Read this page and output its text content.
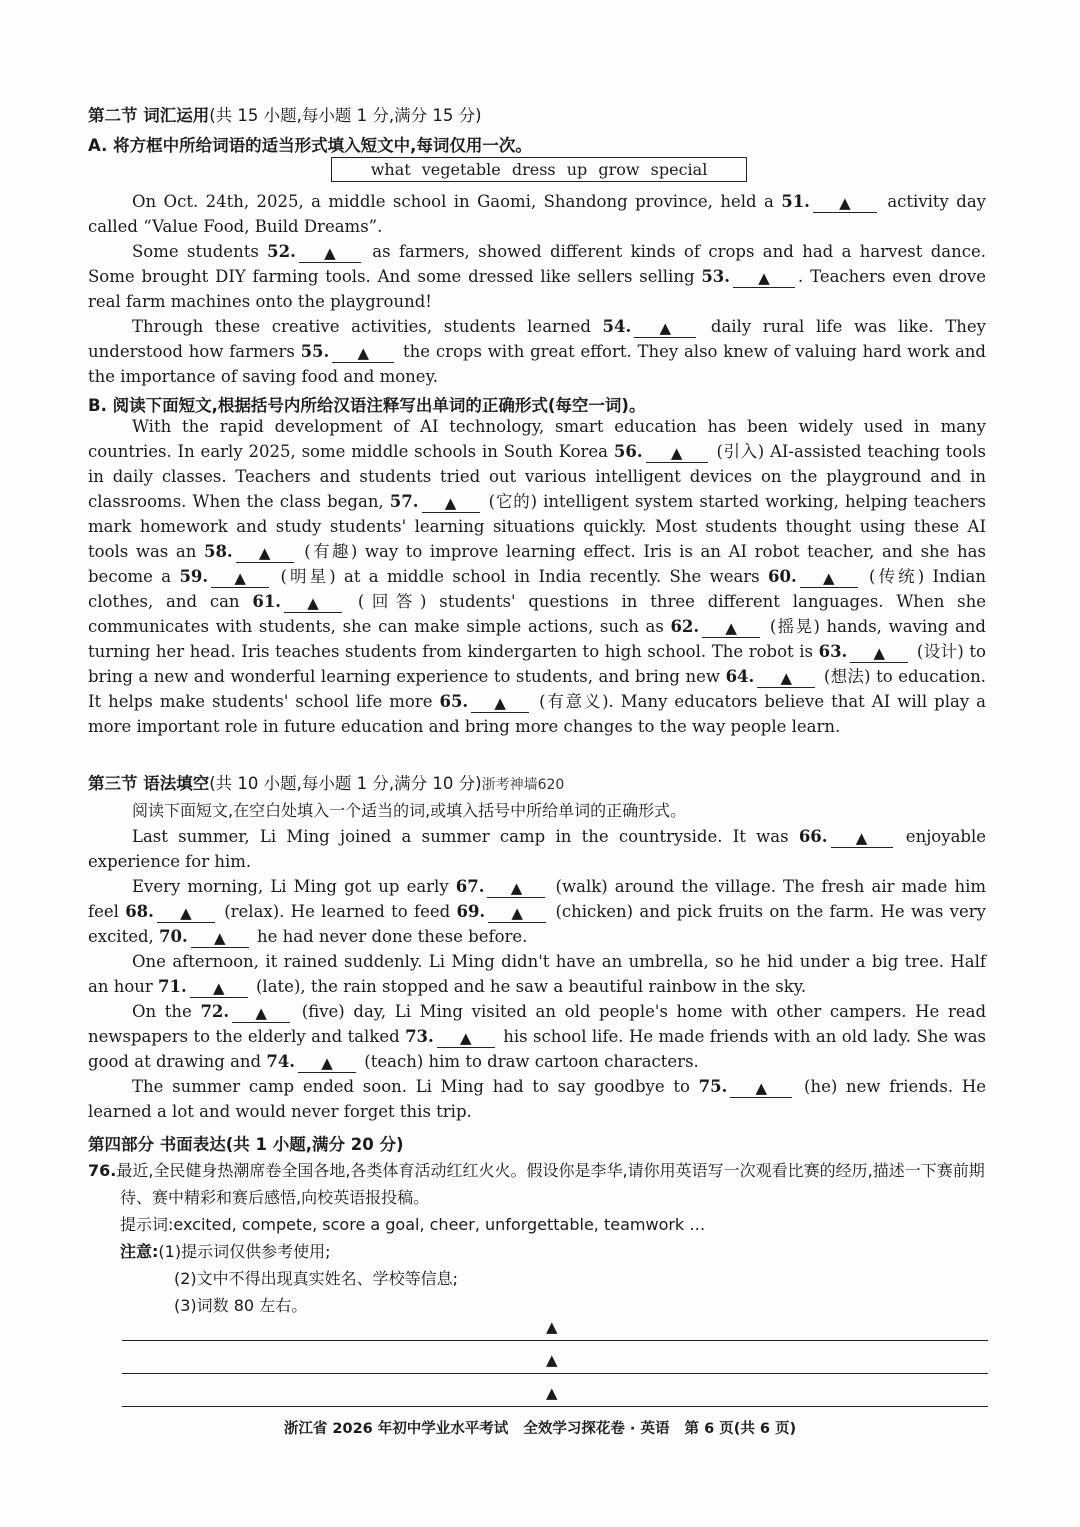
第二节 词汇运用(共 15 小题,每小题 1 分,满分 15 分)
A. 将方框中所给词语的适当形式填入短文中,每词仅用一次。
what vegetable dress up grow special
On Oct. 24th, 2025, a middle school in Gaomi, Shandong province, held a 51. ▲	activity day called “Value Food, Build Dreams”.
Some students 52. ▲	as farmers, showed different kinds of crops and had a harvest dance. Some brought DIY farming tools. And some dressed like sellers selling 53. ▲	. Teachers even drove real farm machines onto the playground!
Through these creative activities, students learned 54. ▲	daily rural life was like. They understood how farmers 55. ▲	the crops with great effort. They also knew of valuing hard work and the importance of saving food and money.
B. 阅读下面短文,根据括号内所给汉语注释写出单词的正确形式(每空一词)。
With the rapid development of AI technology, smart education has been widely used in many countries. In early 2025, some middle schools in South Korea 56. ▲	(引入) AI-assisted teaching tools in daily classes. Teachers and students tried out various intelligent devices on the playground and in classrooms. When the class began, 57. ▲	(它的) intelligent system started working, helping teachers mark homework and study students' learning situations quickly. Most students thought using these AI tools was an 58. ▲	(有趣) way to improve learning effect. Iris is an AI robot teacher, and she has become a 59. ▲	(明星) at a middle school in India recently. She wears 60. ▲	(传统) Indian clothes, and can 61. ▲	(回答) students' questions in three different languages. When she communicates with students, she can make simple actions, such as 62. ▲	(摇晃) hands, waving and turning her head. Iris teaches students from kindergarten to high school. The robot is 63. ▲	(设计) to bring a new and wonderful learning experience to students, and bring new 64. ▲	(想法) to education. It helps make students' school life more 65. ▲	(有意义). Many educators believe that AI will play a more important role in future education and bring more changes to the way people learn.
第三节 语法填空(共 10 小题,每小题 1 分,满分 10 分)浙考神墙620
阅读下面短文,在空白处填入一个适当的词,或填入括号中所给单词的正确形式。
Last summer, Li Ming joined a summer camp in the countryside. It was 66. ▲	enjoyable experience for him.
Every morning, Li Ming got up early 67. ▲	(walk) around the village. The fresh air made him feel 68. ▲	(relax). He learned to feed 69. ▲	(chicken) and pick fruits on the farm. He was very excited, 70. ▲	he had never done these before.
One afternoon, it rained suddenly. Li Ming didn't have an umbrella, so he hid under a big tree. Half an hour 71. ▲	(late), the rain stopped and he saw a beautiful rainbow in the sky.
On the 72. ▲	(five) day, Li Ming visited an old people's home with other campers. He read newspapers to the elderly and talked 73. ▲	his school life. He made friends with an old lady. She was good at drawing and 74. ▲	(teach) him to draw cartoon characters.
The summer camp ended soon. Li Ming had to say goodbye to 75. ▲	(he) new friends. He learned a lot and would never forget this trip.
第四部分 书面表达(共 1 小题,满分 20 分)
76.最近,全民健身热潮席卷全国各地,各类体育活动红红火火。假设你是李华,请你用英语写一次观看比赛的经历,描述一下赛前期待、赛中精彩和赛后感悟,向校英语报投稿。
提示词:excited, compete, score a goal, cheer, unforgettable, teamwork …
注意:(1)提示词仅供参考使用;
(2)文中不得出现真实姓名、学校等信息;
(3)词数 80 左右。
▲
▲
▲
浙江省 2026 年初中学业水平考试 全效学习探花卷 · 英语 第 6 页(共 6 页)
